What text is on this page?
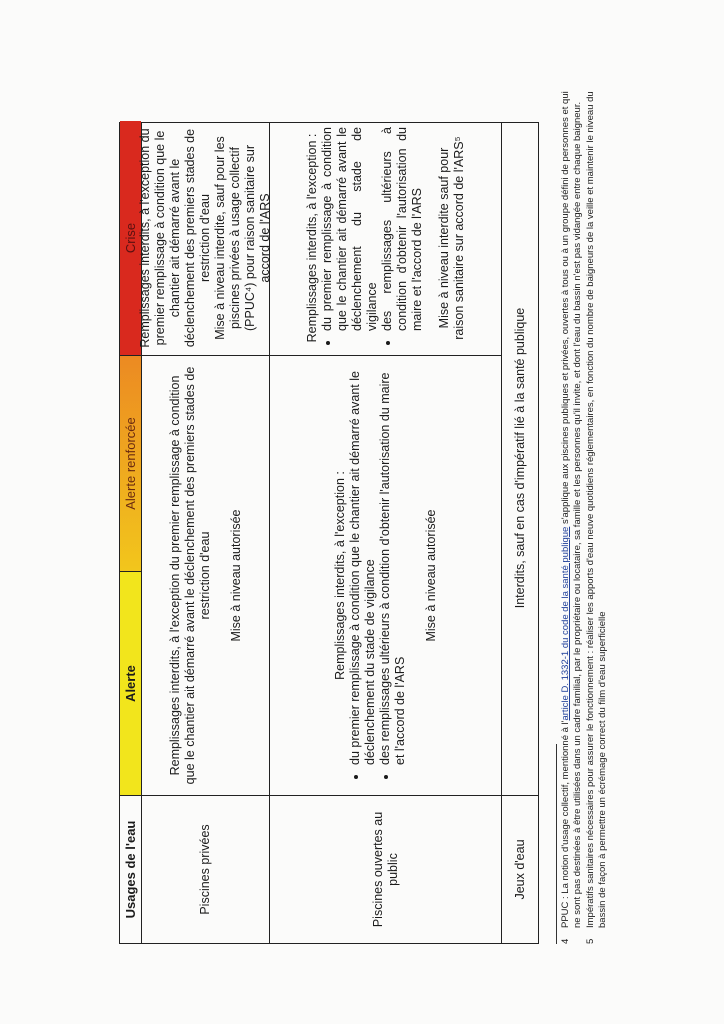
Usages de l'eau
Alerte
Alerte renforcée
Crise
Piscines privées
Remplissages interdits, à l'exception du premier remplissage à condition que le chantier ait démarré avant le déclenchement des premiers stades de restriction d'eau Mise à niveau autorisée
Remplissages interdits, à l'exception du premier remplissage à condition que le chantier ait démarré avant le déclenchement des premiers stades de restriction d'eau Mise à niveau interdite, sauf pour les piscines privées à usage collectif (PPUC⁴) pour raison sanitaire sur accord de l'ARS
Piscines ouvertes au public
Remplissages interdits, à l'exception : • du premier remplissage à condition que le chantier ait démarré avant le déclenchement du stade de vigilance • des remplissages ultérieurs à condition d'obtenir l'autorisation du maire et l'accord de l'ARS
Mise à niveau autorisée
Remplissages interdits, à l'exception : • du premier remplissage à condition que le chantier ait démarré avant le déclenchement du stade de vigilance • des remplissages ultérieurs à condition d'obtenir l'autorisation du maire et l'accord de l'ARS Mise à niveau interdite sauf pour raison sanitaire sur accord de l'ARS⁵
Jeux d'eau
Interdits, sauf en cas d'impératif lié à la santé publique
4
PPUC : La notion d'usage collectif, mentionné à l'article D. 1332-1 du code de la santé publique s'applique aux piscines publiques et privées, ouvertes à tous ou à un groupe défini de personnes et qui ne sont pas destinées à être utilisées dans un cadre familial, par le propriétaire ou locataire, sa famille et les personnes qu'il invite, et dont l'eau du bassin n'est pas vidangée entre chaque baigneur.
5
Impératifs sanitaires nécessaires pour assurer le fonctionnement : réaliser les apports d'eau neuve quotidiens réglementaires, en fonction du nombre de baigneurs de la veille et maintenir le niveau du bassin de façon à permettre un écrémage correct du film d'eau superficielle
